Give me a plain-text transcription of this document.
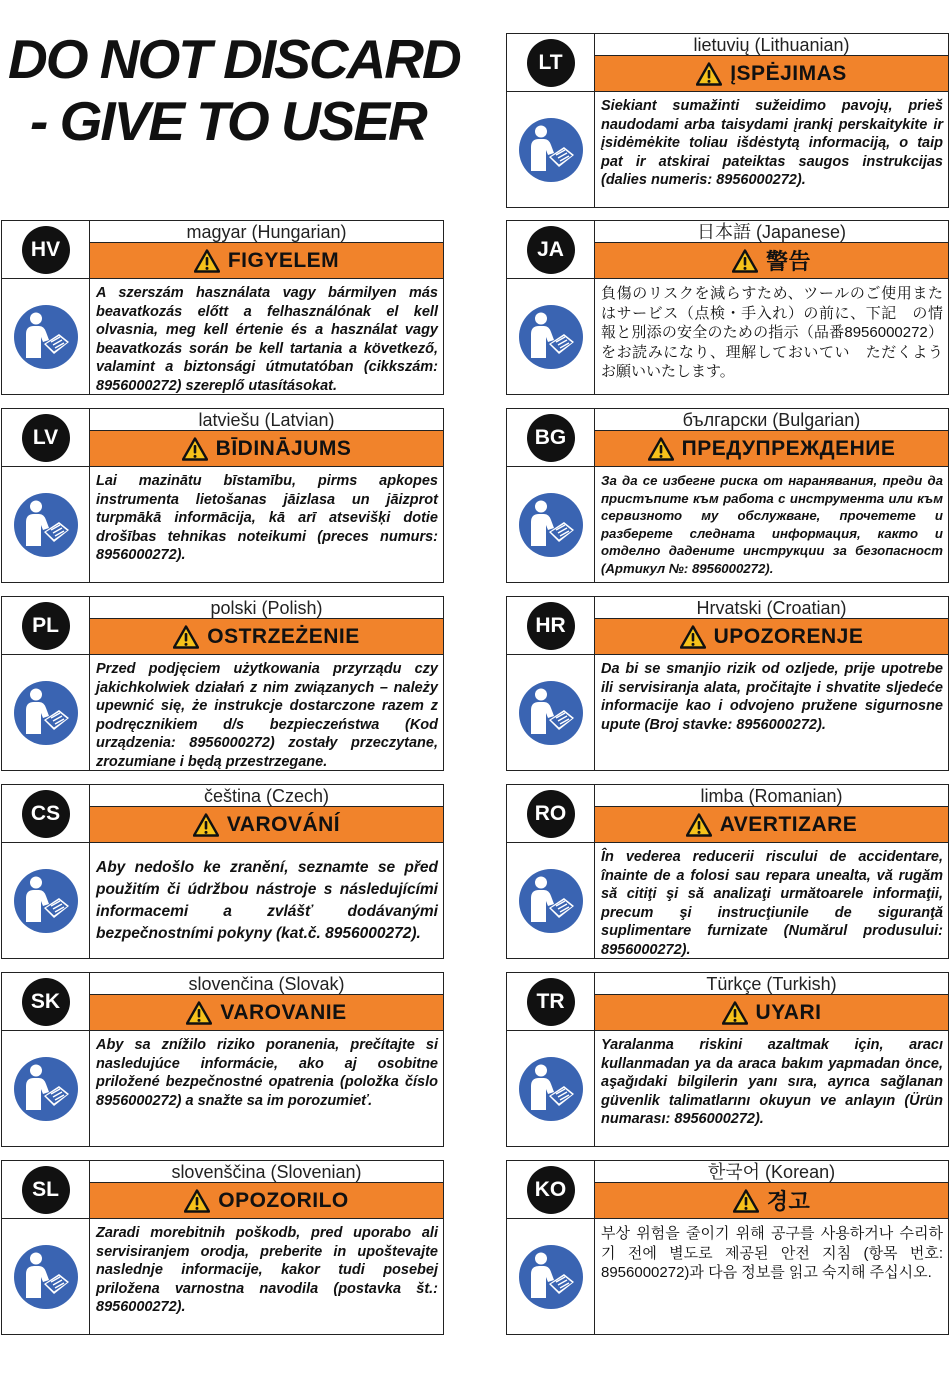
DO NOT DISCARD
- GIVE TO USER
LT
lietuvių (Lithuanian)
ĮSPĖJIMAS
Siekiant sumažinti sužeidimo pavojų, prieš naudodami arba taisydami įrankį perskaitykite ir įsidėmėkite toliau išdėstytą informaciją, o taip pat ir atskirai pateiktas saugos instrukcijas (dalies numeris: 8956000272).
HV
magyar (Hungarian)
FIGYELEM
A szerszám használata vagy bármilyen más beavatkozás előtt a felhasználónak el kell olvasnia, meg kell értenie és a használat vagy beavatkozás során be kell tartania a következő, valamint a biztonsági útmutatóban (cikkszám: 8956000272) szereplő utasításokat.
JA
日本語 (Japanese)
警告
負傷のリスクを減らすため、ツールのご使用またはサービス（点検・手入れ）の前に、下記　の情報と別添の安全のための指示（品番8956000272）をお読みになり、理解しておいてい　ただくようお願いいたします。
LV
latviešu (Latvian)
BĪDINĀJUMS
Lai mazinātu bīstamību, pirms apkopes instrumenta lietošanas jāizlasa un jāizprot turpmākā informācija, kā arī atsevišķi dotie drošības tehnikas noteikumi (preces numurs: 8956000272).
BG
български (Bulgarian)
ПРЕДУПРЕЖДЕНИЕ
За да се избегне риска от наранявания, преди да пристъпите към работа с инструмента или към сервизното му обслужване, прочетете и разберете следната информация, както и отделно дадените инструкции за безопасност (Артикул №: 8956000272).
PL
polski (Polish)
OSTRZEŻENIE
Przed podjęciem użytkowania przyrządu czy jakichkolwiek działań z nim związanych – należy upewnić się, że instrukcje dostarczone razem z podręcznikiem d/s bezpieczeństwa (Kod urządzenia: 8956000272) zostały przeczytane, zrozumiane i będą przestrzegane.
HR
Hrvatski (Croatian)
UPOZORENJE
Da bi se smanjio rizik od ozljede, prije upotrebe ili servisiranja alata, pročitajte i shvatite sljedeće informacije kao i odvojeno pružene sigurnosne upute (Broj stavke: 8956000272).
CS
čeština (Czech)
VAROVÁNÍ
Aby nedošlo ke zranění, seznamte se před použitím či údržbou nástroje s následujícími informacemi a zvlášť dodávanými bezpečnostními pokyny (kat.č. 8956000272).
RO
limba (Romanian)
AVERTIZARE
În vederea reducerii riscului de accidentare, înainte de a folosi sau repara unealta, vă rugăm să citiţi şi să analizaţi următoarele informaţii, precum şi instrucţiunile de siguranţă suplimentare furnizate (Numărul produsului: 8956000272).
SK
slovenčina (Slovak)
VAROVANIE
Aby sa znížilo riziko poranenia, prečítajte si nasledujúce informácie, ako aj osobitne priložené bezpečnostné opatrenia (položka číslo 8956000272) a snažte sa im porozumieť.
TR
Türkçe (Turkish)
UYARI
Yaralanma riskini azaltmak için, aracı kullanmadan ya da araca bakım yapmadan önce, aşağıdaki bilgilerin yanı sıra, ayrıca sağlanan güvenlik talimatlarını okuyun ve anlayın (Ürün numarası: 8956000272).
SL
slovenščina (Slovenian)
OPOZORILO
Zaradi morebitnih poškodb, pred uporabo ali servisiranjem orodja, preberite in upoštevajte naslednje informacije, kakor tudi posebej priložena varnostna navodila (postavka št.: 8956000272).
KO
한국어 (Korean)
경고
부상 위험을 줄이기 위해 공구를 사용하거나 수리하기 전에 별도로 제공된 안전 지침 (항목 번호: 8956000272)과 다음 정보를 읽고 숙지해 주십시오.
